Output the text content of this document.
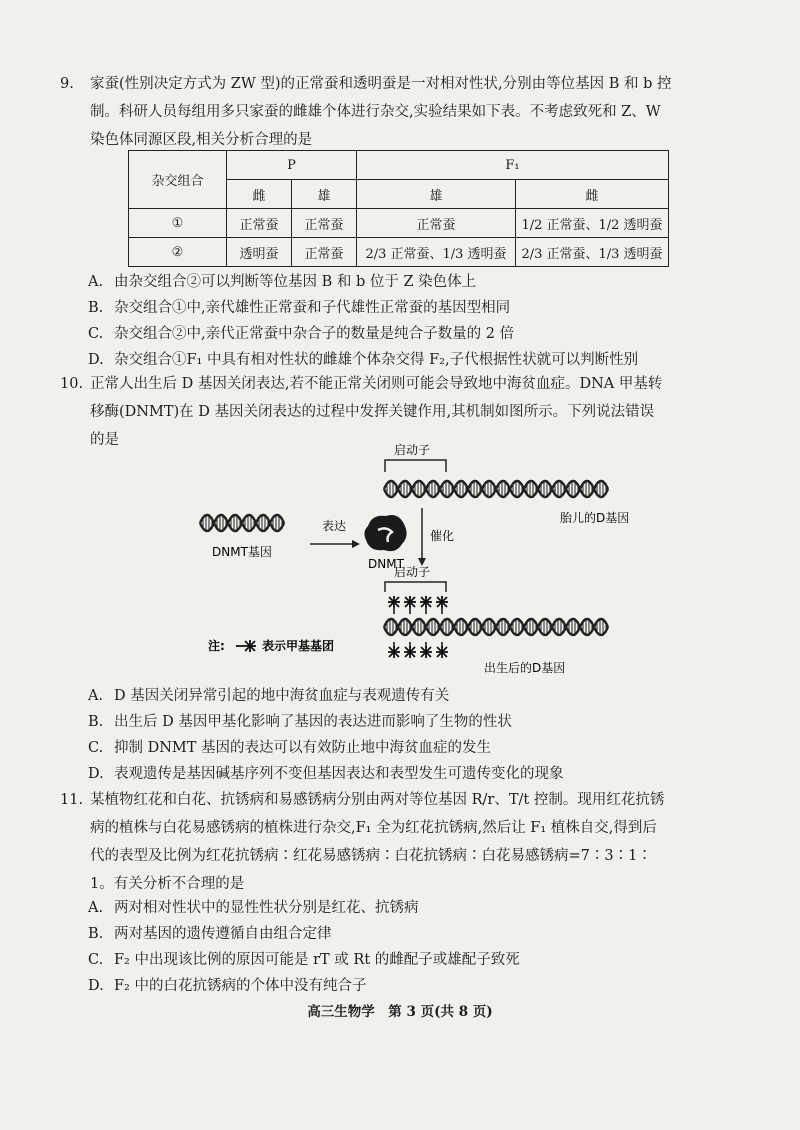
9. 家蚕(性别决定方式为 ZW 型)的正常蚕和透明蚕是一对相对性状,分别由等位基因 B 和 b 控
制。科研人员每组用多只家蚕的雌雄个体进行杂交,实验结果如下表。不考虑致死和 Z、W
染色体同源区段,相关分析合理的是
杂交组合	P		F₁	
	雌	雄	雄	雌
①	正常蚕	正常蚕	正常蚕	1/2 正常蚕、1/2 透明蚕
②	透明蚕	正常蚕	2/3 正常蚕、1/3 透明蚕	2/3 正常蚕、1/3 透明蚕
A. 由杂交组合②可以判断等位基因 B 和 b 位于 Z 染色体上
B. 杂交组合①中,亲代雄性正常蚕和子代雄性正常蚕的基因型相同
C. 杂交组合②中,亲代正常蚕中杂合子的数量是纯合子数量的 2 倍
D. 杂交组合①F₁ 中具有相对性状的雌雄个体杂交得 F₂,子代根据性状就可以判断性别
10. 正常人出生后 D 基因关闭表达,若不能正常关闭则可能会导致地中海贫血症。DNA 甲基转
移酶(DNMT)在 D 基因关闭表达的过程中发挥关键作用,其机制如图所示。下列说法错误
的是
启动子
胎儿的D基因
DNMT基因
表达
DNMT
催化
启动子
注:	表示甲基基团
出生后的D基因
A. D 基因关闭异常引起的地中海贫血症与表观遗传有关
B. 出生后 D 基因甲基化影响了基因的表达进而影响了生物的性状
C. 抑制 DNMT 基因的表达可以有效防止地中海贫血症的发生
D. 表观遗传是基因碱基序列不变但基因表达和表型发生可遗传变化的现象
11. 某植物红花和白花、抗锈病和易感锈病分别由两对等位基因 R/r、T/t 控制。现用红花抗锈
病的植株与白花易感锈病的植株进行杂交,F₁ 全为红花抗锈病,然后让 F₁ 植株自交,得到后
代的表型及比例为红花抗锈病∶红花易感锈病∶白花抗锈病∶白花易感锈病=7∶3∶1∶
1。有关分析不合理的是
A. 两对相对性状中的显性性状分别是红花、抗锈病
B. 两对基因的遗传遵循自由组合定律
C. F₂ 中出现该比例的原因可能是 rT 或 Rt 的雌配子或雄配子致死
D. F₂ 中的白花抗锈病的个体中没有纯合子
高三生物学　第 3 页(共 8 页)
